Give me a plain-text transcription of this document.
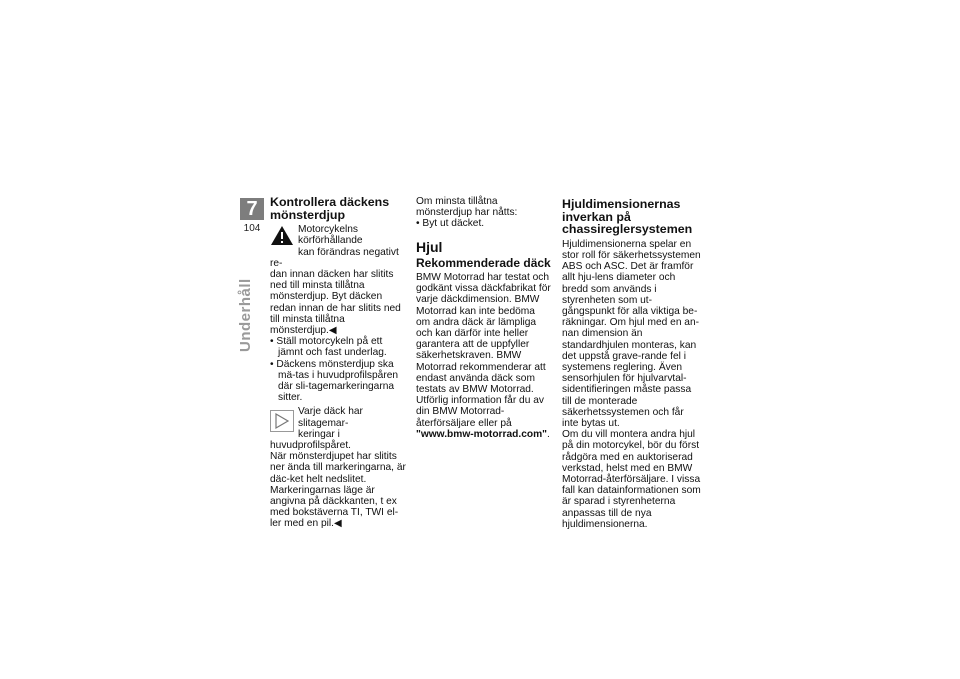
7
104
Underhåll
Kontrollera däckens mönsterdjup

Motorcykelns körförhållande
kan förändras negativt re-

dan innan däcken har slitits ned till minsta tillåtna mönsterdjup. Byt däcken redan innan de har slitits ned till minsta tillåtna mönsterdjup.◀

• Ställ motorcykeln på ett jämnt och fast underlag.

• Däckens mönsterdjup ska mä-tas i huvudprofilspåren där sli-tagemarkeringarna sitter.

Varje däck har slitagemar-
keringar i huvudprofilspåret.

När mönsterdjupet har slitits ner ända till markeringarna, är däc-ket helt nedslitet. Markeringarnas läge är angivna på däckkanten, t ex med bokstäverna TI, TWI el-ler med en pil.◀

Om minsta tillåtna mönsterdjup har nåtts:

• Byt ut däcket.

Hjul
Rekommenderade däck

BMW Motorrad har testat och godkänt vissa däckfabrikat för varje däckdimension. BMW Motorrad kan inte bedöma om andra däck är lämpliga och kan därför inte heller garantera att de uppfyller säkerhetskraven. BMW Motorrad rekommenderar att endast använda däck som testats av BMW Motorrad. Utförlig information får du av din BMW Motorrad-återförsäljare eller på "www.bmw-motorrad.com".

Hjuldimensionernas inverkan på chassireglersystemen

Hjuldimensionerna spelar en stor roll för säkerhetssystemen ABS och ASC. Det är framför allt hju-lens diameter och bredd som används i styrenheten som ut-gångspunkt för alla viktiga be-räkningar. Om hjul med en an-nan dimension än standardhjulen monteras, kan det uppstå grave-rande fel i systemens reglering. Även sensorhjulen för hjulvarvtal-sidentifieringen måste passa till de monterade säkerhetssystemen och får inte bytas ut.

Om du vill montera andra hjul på din motorcykel, bör du först rådgöra med en auktoriserad verkstad, helst med en BMW Motorrad-återförsäljare. I vissa fall kan datainformationen som är sparad i styrenheterna anpassas till de nya hjuldimensionerna.
